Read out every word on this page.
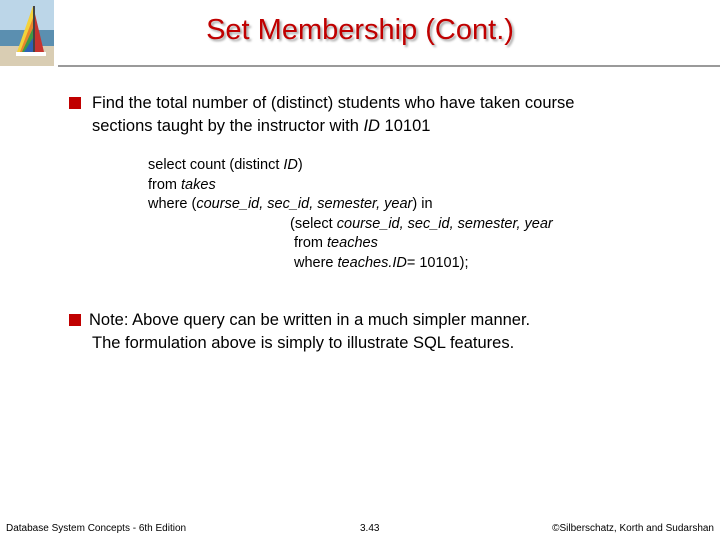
Set Membership (Cont.)
Find the total number of (distinct) students who have taken course
sections taught by the instructor with ID 10101
select count (distinct ID)
from takes
where (course_id, sec_id, semester, year) in
(select course_id, sec_id, semester, year
from teaches
where teaches.ID= 10101);
Note: Above query can be written in a much simpler manner.
The formulation above is simply to illustrate SQL features.
Database System Concepts - 6th Edition	3.43	©Silberschatz, Korth and Sudarshan
